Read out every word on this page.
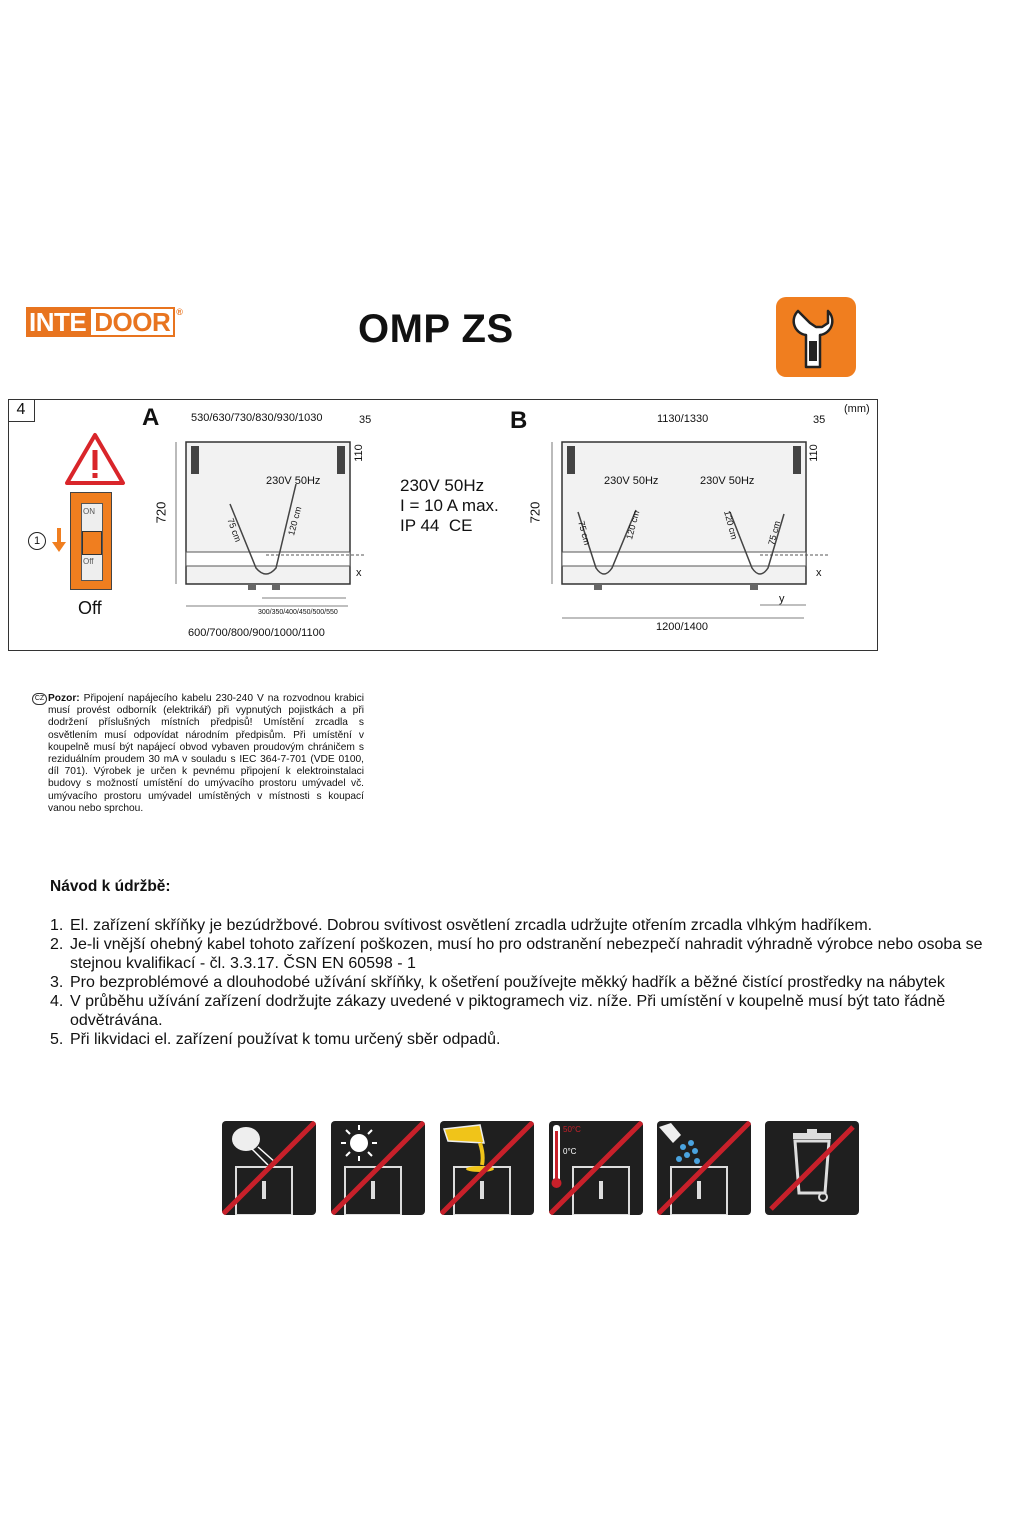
INTE DOOR ®	OMP ZS
4	(mm)
1
ON
Off
Off
A	530/630/730/830/930/1030	35
110
720
230V 50Hz
75 cm	120 cm
x
300/350/400/450/500/550
600/700/800/900/1000/1100
230V 50Hz
I = 10 A max.
IP 44 CE
B	1130/1330	35
110
720
230V 50Hz	230V 50Hz
75 cm	120 cm	120 cm	75 cm
x
y
1200/1400
CZ Pozor: Připojení napájecího kabelu 230-240 V na rozvodnou krabici musí provést odborník (elektrikář) při vypnutých pojistkách a při dodržení příslušných místních předpisů! Umístění zrcadla s osvětlením musí odpovídat národním předpisům. Při umístění v koupelně musí být napájecí obvod vybaven proudovým chráničem s reziduálním proudem 30 mA v souladu s IEC 364-7-701 (VDE 0100, díl 701). Výrobek je určen k pevnému připojení k elektroinstalaci budovy s možností umístění do umývacího prostoru umývadel vč. umývacího prostoru umývadel umístěných v místnosti s koupací vanou nebo sprchou.
Návod k údržbě:
1. El. zařízení skříňky je bezúdržbové. Dobrou svítivost osvětlení zrcadla udržujte otřením zrcadla vlhkým hadříkem.
2. Je-li vnější ohebný kabel tohoto zařízení poškozen, musí ho pro odstranění nebezpečí nahradit výhradně výrobce nebo osoba se stejnou kvalifikací - čl. 3.3.17. ČSN EN 60598 - 1
3. Pro bezproblémové a dlouhodobé užívání skříňky, k ošetření používejte měkký hadřík a běžné čistící prostředky na nábytek
4. V průběhu užívání zařízení dodržujte zákazy uvedené v piktogramech viz. níže. Při umístění v koupelně musí být tato řádně odvětrávána.
5. Při likvidaci el. zařízení používat k tomu určený sběr odpadů.
50°C
0°C
